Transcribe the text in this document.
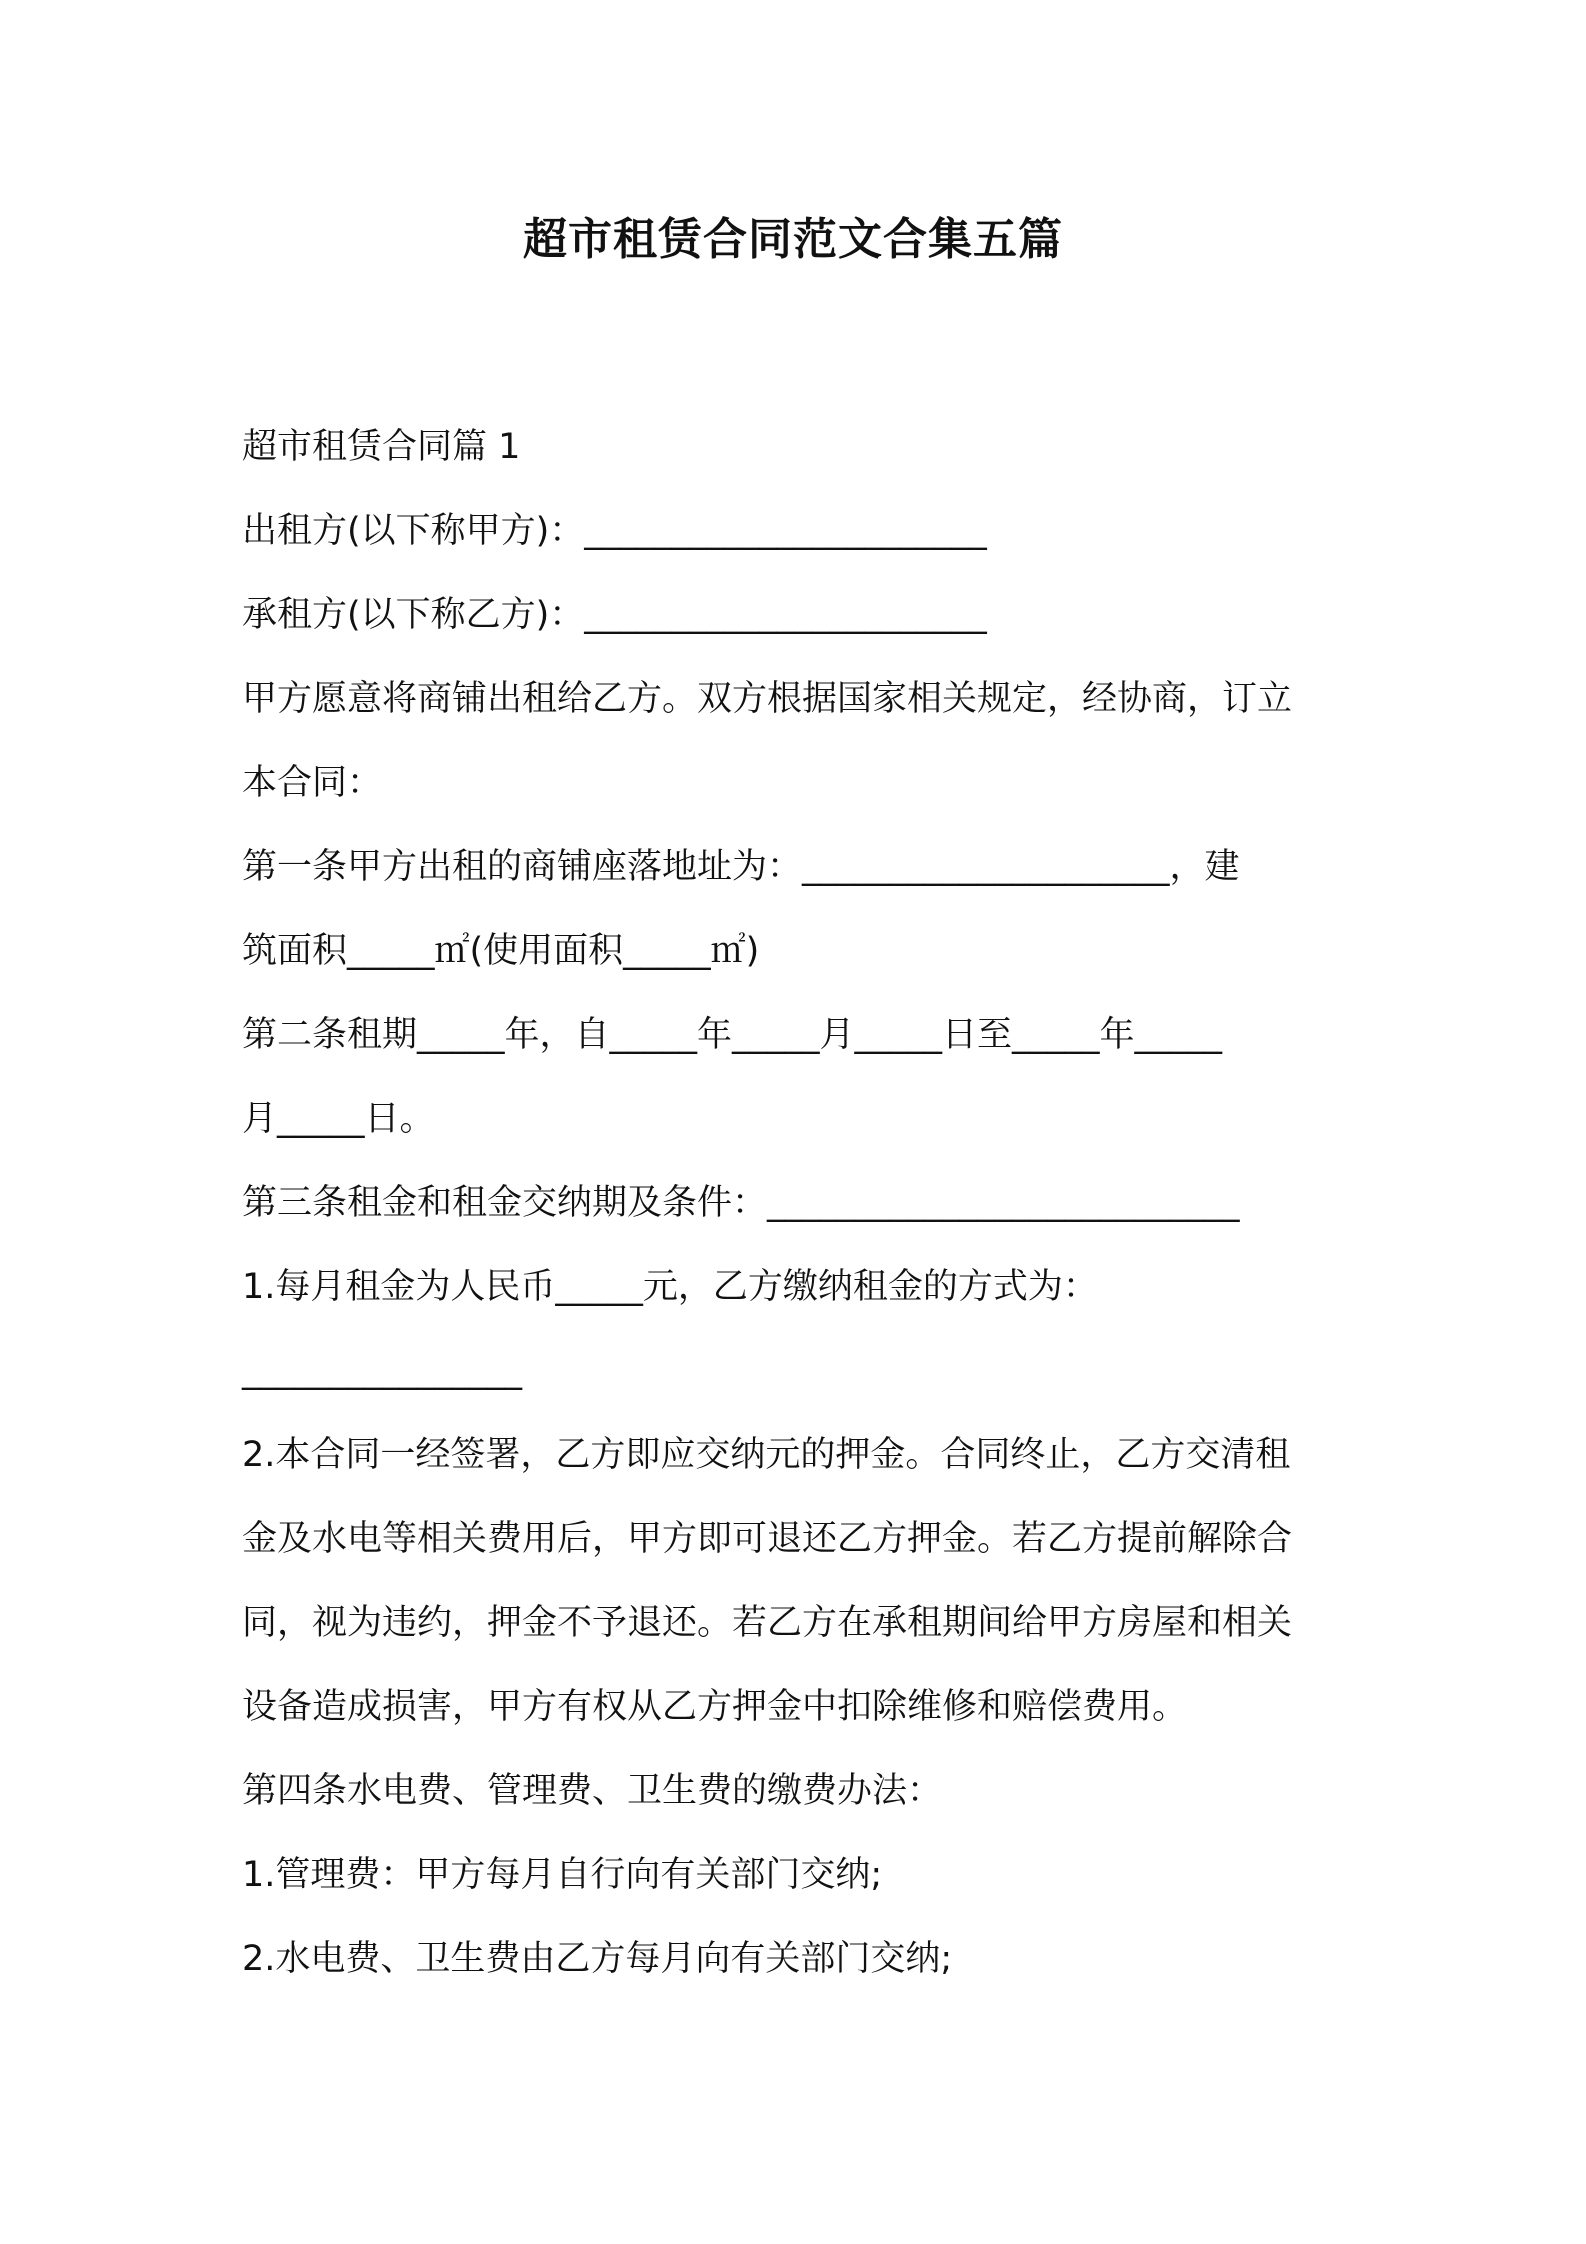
超市租赁合同范文合集五篇
超市租赁合同篇 1
出租方(以下称甲方)：_______________________
承租方(以下称乙方)：_______________________
甲方愿意将商铺出租给乙方。双方根据国家相关规定，经协商，订立
本合同：
第一条甲方出租的商铺座落地址为：_____________________，建
筑面积_____㎡(使用面积_____㎡)
第二条租期_____年，自_____年_____月_____日至_____年_____
月_____日。
第三条租金和租金交纳期及条件：___________________________
1.每月租金为人民币_____元，乙方缴纳租金的方式为：
________________
2.本合同一经签署，乙方即应交纳元的押金。合同终止，乙方交清租
金及水电等相关费用后，甲方即可退还乙方押金。若乙方提前解除合
同，视为违约，押金不予退还。若乙方在承租期间给甲方房屋和相关
设备造成损害，甲方有权从乙方押金中扣除维修和赔偿费用。
第四条水电费、管理费、卫生费的缴费办法：
1.管理费：甲方每月自行向有关部门交纳;
2.水电费、卫生费由乙方每月向有关部门交纳;
